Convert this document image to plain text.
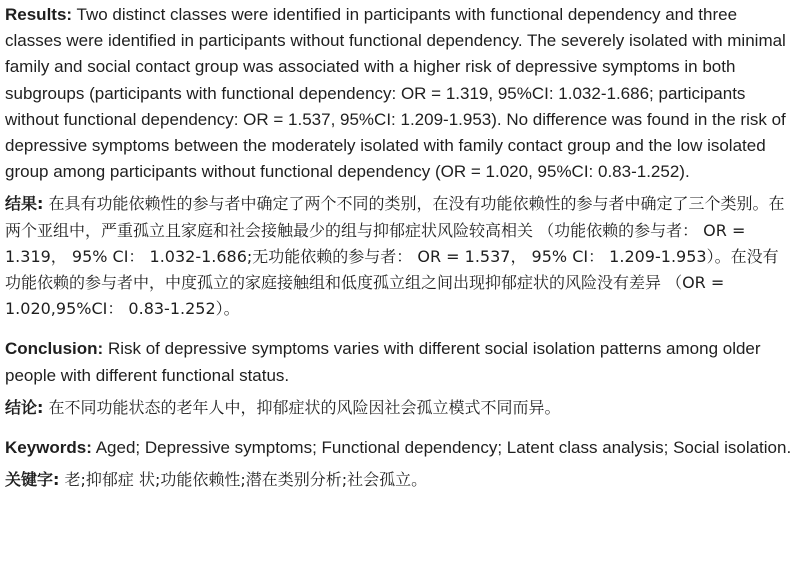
Results: Two distinct classes were identified in participants with functional dependency and three classes were identified in participants without functional dependency. The severely isolated with minimal family and social contact group was associated with a higher risk of depressive symptoms in both subgroups (participants with functional dependency: OR = 1.319, 95%CI: 1.032-1.686; participants without functional dependency: OR = 1.537, 95%CI: 1.209-1.953). No difference was found in the risk of depressive symptoms between the moderately isolated with family contact group and the low isolated group among participants without functional dependency (OR = 1.020, 95%CI: 0.83-1.252).

结果: 在具有功能依赖性的参与者中确定了两个不同的类别，在没有功能依赖性的参与者中确定了三个类别。在两个亚组中，严重孤立且家庭和社会接触最少的组与抑郁症状风险较高相关 （功能依赖的参与者： OR = 1.319， 95% CI： 1.032-1.686;无功能依赖的参与者： OR = 1.537， 95% CI： 1.209-1.953）。在没有功能依赖的参与者中，中度孤立的家庭接触组和低度孤立组之间出现抑郁症状的风险没有差异 （OR = 1.020,95%CI： 0.83-1.252）。

Conclusion: Risk of depressive symptoms varies with different social isolation patterns among older people with different functional status.

结论: 在不同功能状态的老年人中，抑郁症状的风险因社会孤立模式不同而异。

Keywords: Aged; Depressive symptoms; Functional dependency; Latent class analysis; Social isolation.

关键字: 老;抑郁症 状;功能依赖性;潜在类别分析;社会孤立。
